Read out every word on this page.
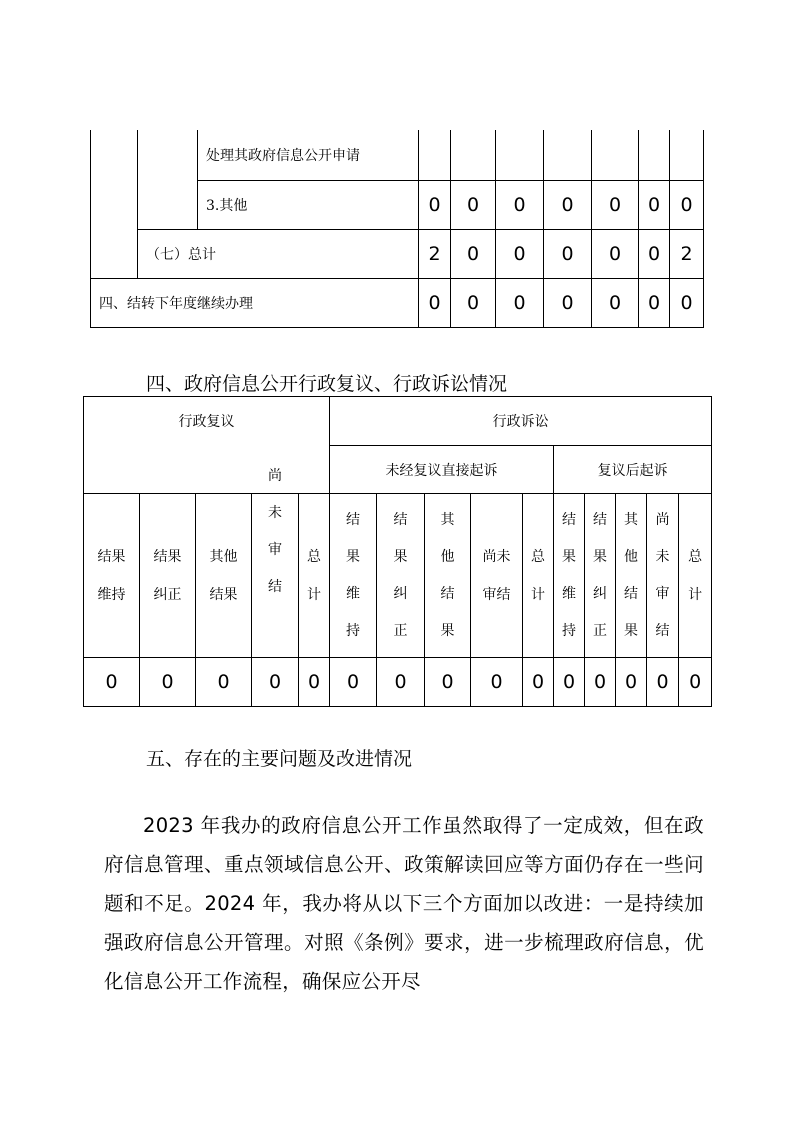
		处理其政府信息公开申请							
		3.其他	0	0	0	0	0	0	0
	（七）总计		2	0	0	0	0	0	2
四、结转下年度继续办理			0	0	0	0	0	0	0
四、政府信息公开行政复议、行政诉讼情况
行政复议					行政诉讼									
					未经复议直接起诉					复议后起诉				
结果维持	结果纠正	其他结果	尚未审结	总计	结果维持	结果纠正	其他结果	尚未审结	总计	结果维持	结果纠正	其他结果	尚未审结	总计
0	0	0	0	0	0	0	0	0	0	0	0	0	0	0
五、存在的主要问题及改进情况

2023 年我办的政府信息公开工作虽然取得了一定成效，但在政府信息管理、重点领域信息公开、政策解读回应等方面仍存在一些问题和不足。2024 年，我办将从以下三个方面加以改进：一是持续加强政府信息公开管理。对照《条例》要求，进一步梳理政府信息，优化信息公开工作流程，确保应公开尽
